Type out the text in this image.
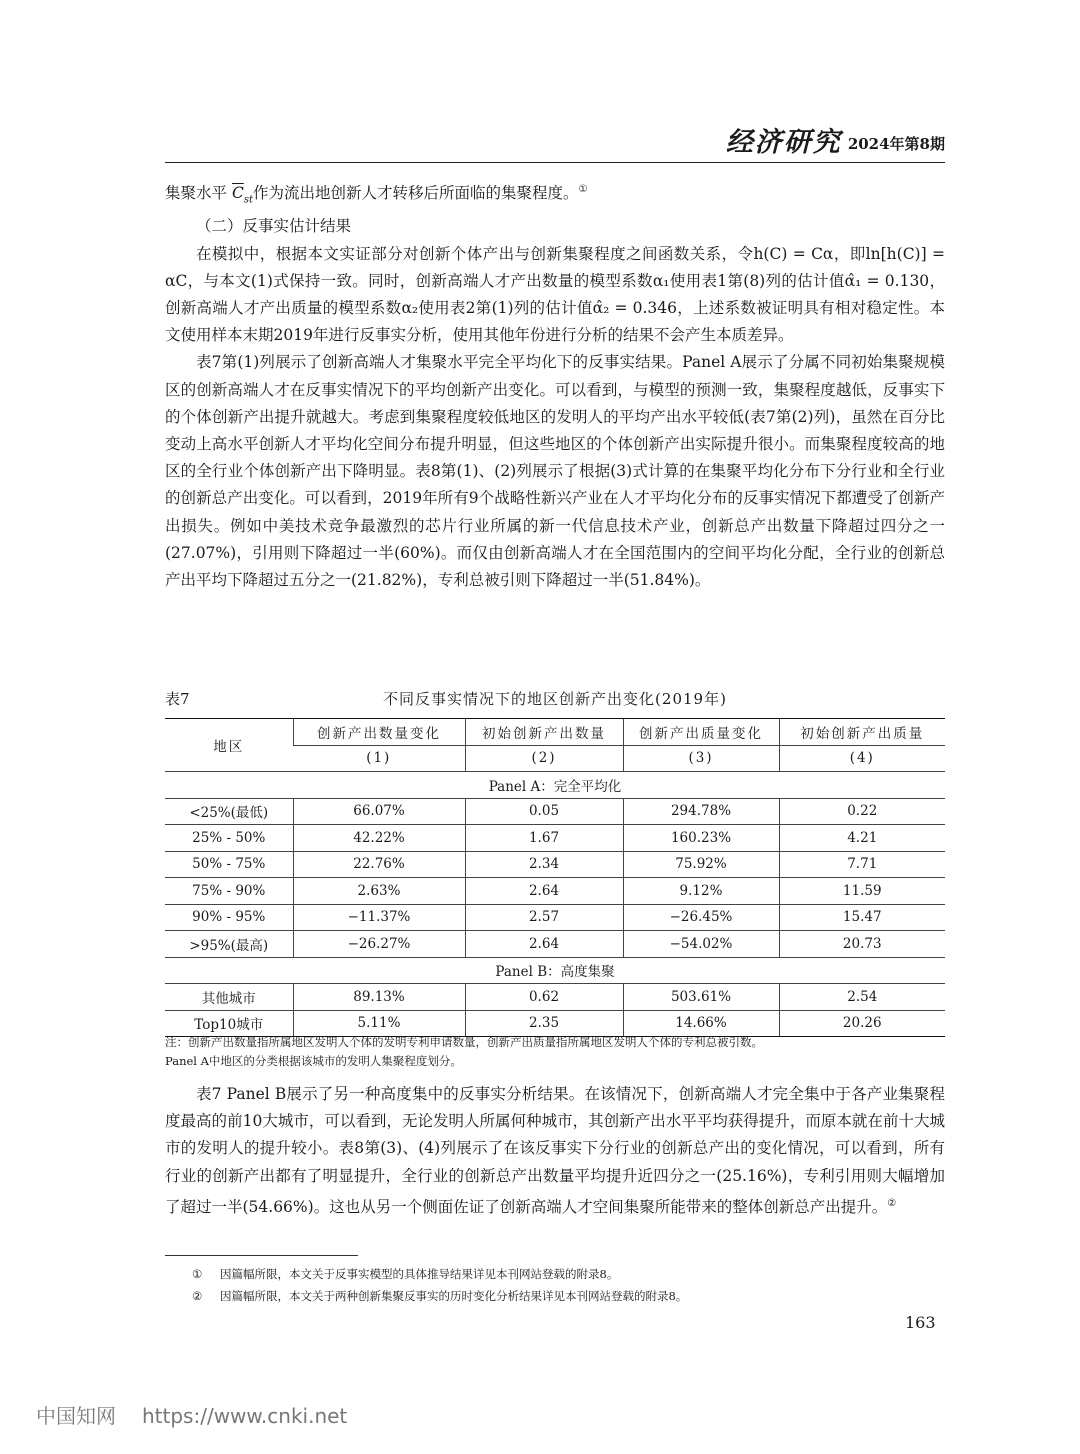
经济研究 2024年第8期

集聚水平 $\overline{C}_{st}$作为流出地创新人才转移后所面临的集聚程度。①

（二）反事实估计结果

在模拟中，根据本文实证部分对创新个体产出与创新集聚程度之间函数关系，令h(C) = Cα，即ln[h(C)] = αC，与本文(1)式保持一致。同时，创新高端人才产出数量的模型系数α₁使用表1第(8)列的估计值α̂₁ = 0.130，创新高端人才产出质量的模型系数α₂使用表2第(1)列的估计值α̂₂ = 0.346，上述系数被证明具有相对稳定性。本文使用样本末期2019年进行反事实分析，使用其他年份进行分析的结果不会产生本质差异。

表7第(1)列展示了创新高端人才集聚水平完全平均化下的反事实结果。Panel A展示了分属不同初始集聚规模区的创新高端人才在反事实情况下的平均创新产出变化。可以看到，与模型的预测一致，集聚程度越低，反事实下的个体创新产出提升就越大。考虑到集聚程度较低地区的发明人的平均产出水平较低(表7第(2)列)，虽然在百分比变动上高水平创新人才平均化空间分布提升明显，但这些地区的个体创新产出实际提升很小。而集聚程度较高的地区的全行业个体创新产出下降明显。表8第(1)、(2)列展示了根据(3)式计算的在集聚平均化分布下分行业和全行业的创新总产出变化。可以看到，2019年所有9个战略性新兴产业在人才平均化分布的反事实情况下都遭受了创新产出损失。例如中美技术竞争最激烈的芯片行业所属的新一代信息技术产业，创新总产出数量下降超过四分之一(27.07%)，引用则下降超过一半(60%)。而仅由创新高端人才在全国范围内的空间平均化分配，全行业的创新总产出平均下降超过五分之一(21.82%)，专利总被引则下降超过一半(51.84%)。

表7	不同反事实情况下的地区创新产出变化(2019年)
地区	创新产出数量变化	初始创新产出数量	创新产出质量变化	初始创新产出质量
	(1)	(2)	(3)	(4)
Panel A：完全平均化				
<25%(最低)	66.07%	0.05	294.78%	0.22
25% - 50%	42.22%	1.67	160.23%	4.21
50% - 75%	22.76%	2.34	75.92%	7.71
75% - 90%	2.63%	2.64	9.12%	11.59
90% - 95%	−11.37%	2.57	−26.45%	15.47
>95%(最高)	−26.27%	2.64	−54.02%	20.73
Panel B：高度集聚				
其他城市	89.13%	0.62	503.61%	2.54
Top10城市	5.11%	2.35	14.66%	20.26
注：创新产出数量指所属地区发明人个体的发明专利申请数量，创新产出质量指所属地区发明人个体的专利总被引数。
Panel A中地区的分类根据该城市的发明人集聚程度划分。

表7 Panel B展示了另一种高度集中的反事实分析结果。在该情况下，创新高端人才完全集中于各产业集聚程度最高的前10大城市，可以看到，无论发明人所属何种城市，其创新产出水平平均获得提升，而原本就在前十大城市的发明人的提升较小。表8第(3)、(4)列展示了在该反事实下分行业的创新总产出的变化情况，可以看到，所有行业的创新产出都有了明显提升，全行业的创新总产出数量平均提升近四分之一(25.16%)，专利引用则大幅增加了超过一半(54.66%)。这也从另一个侧面佐证了创新高端人才空间集聚所能带来的整体创新总产出提升。②

① 因篇幅所限，本文关于反事实模型的具体推导结果详见本刊网站登载的附录8。
② 因篇幅所限，本文关于两种创新集聚反事实的历时变化分析结果详见本刊网站登载的附录8。
163
中国知网 https://www.cnki.net
